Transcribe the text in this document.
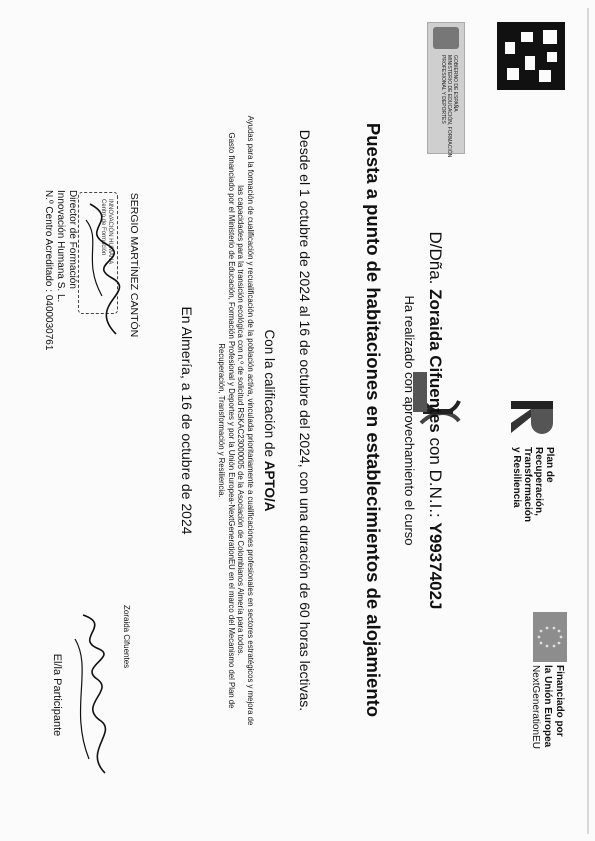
GOBIERNO DE ESPAÑA
MINISTERIO DE EDUCACIÓN, FORMACIÓN PROFESIONAL Y DEPORTES
Plan de Recuperación,
Transformación
y Resiliencia
Financiado por
la Unión Europea
NextGenerationEU
D/Dña. Zoraida Cifuentes con D.N.I.: Y9937402J
Ha realizado con aprovechamiento el curso
Puesta a punto de habitaciones en establecimientos de alojamiento
Desde el 1 octubre de 2024 al 16 de octubre del 2024, con una duración de 60 horas lectivas.
Con la calificación de APTO/A
Ayudas para la formación de cualificación y recualificación de la población activa, vinculada prioritariamente a cualificaciones profesionales en sectores estratégicos y mejora de
las capacidades para la transición ecológica con n.º de solicitud RSKAC23000005 de la Asociación de Colombianos Almería para todos.
Gasto financiado por el Ministerio de Educación, Formación Profesional y Deportes y por la Unión Europea-NextGenerationEU en el marco del Mecanismo del Plan de
Recuperación, Transformación y Resiliencia.
En Almería, a 16 de octubre de 2024
SERGIO MARTÍNEZ CANTÓN
INNOVACIÓN HUMANA
Centro de Formación
Director de Formación
Innovación Humana S. L.
N.º Centro Acreditado : 0400030761
Zoraida Cifuentes
El/la Participante
